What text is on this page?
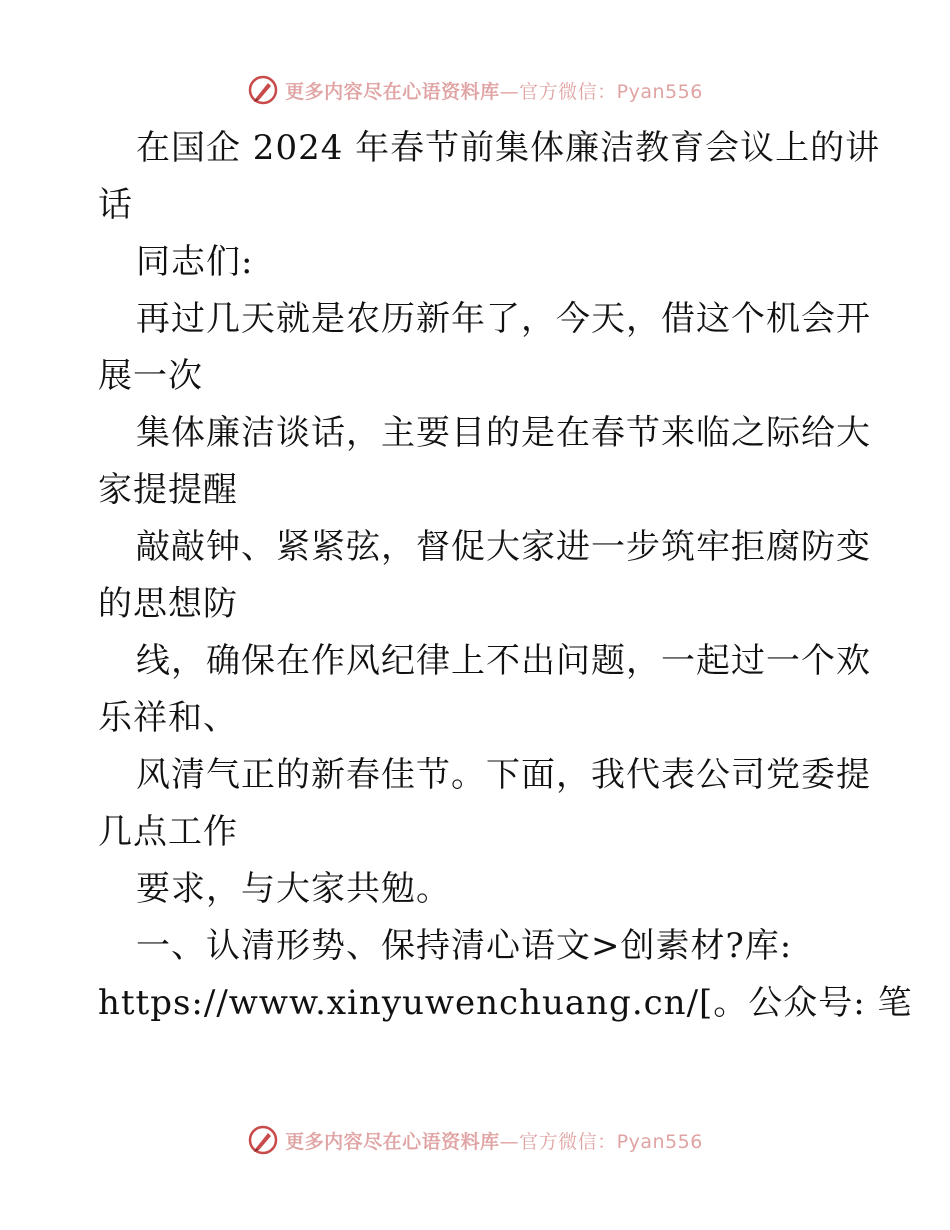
更多内容尽在心语资料库—官方微信：Pyan556
在国企 2024 年春节前集体廉洁教育会议上的讲
话
同志们:
再过几天就是农历新年了，今天，借这个机会开
展一次
集体廉洁谈话，主要目的是在春节来临之际给大
家提提醒
敲敲钟、紧紧弦，督促大家进一步筑牢拒腐防变
的思想防
线，确保在作风纪律上不出问题，一起过一个欢
乐祥和、
风清气正的新春佳节。下面，我代表公司党委提
几点工作
要求，与大家共勉。
一、认清形势、保持清心语文>创素材?库:
https://www.xinyuwenchuang.cn/[。公众号: 笔
更多内容尽在心语资料库—官方微信：Pyan556
